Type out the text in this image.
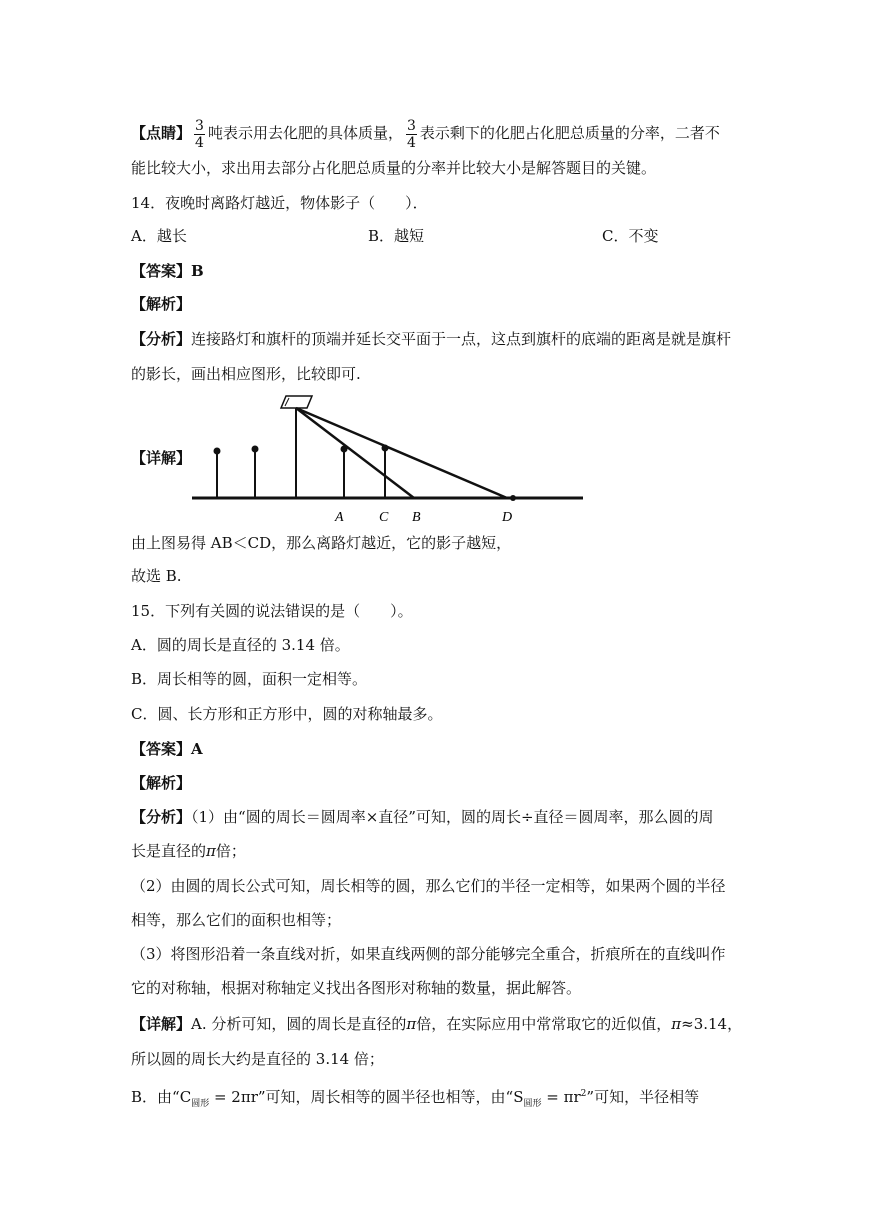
【点睛】 $\frac{3}{4}$ 吨表示用去化肥的具体质量， $\frac{3}{4}$ 表示剩下的化肥占化肥总质量的分率，二者不
能比较大小，求出用去部分占化肥总质量的分率并比较大小是解答题目的关键。
14．夜晚时离路灯越近，物体影子（　　）．
A．越长	B．越短	C．不变
【答案】B
【解析】
【分析】连接路灯和旗杆的顶端并延长交平面于一点，这点到旗杆的底端的距离是就是旗杆
的影长，画出相应图形，比较即可.
【详解】
A	C B	D
由上图易得 AB＜CD，那么离路灯越近，它的影子越短，
故选 B.
15．下列有关圆的说法错误的是（　　）。
A．圆的周长是直径的 3.14 倍。
B．周长相等的圆，面积一定相等。
C．圆、长方形和正方形中，圆的对称轴最多。
【答案】A
【解析】
【分析】（1）由“圆的周长＝圆周率×直径”可知，圆的周长÷直径＝圆周率，那么圆的周
长是直径的π倍；
（2）由圆的周长公式可知，周长相等的圆，那么它们的半径一定相等，如果两个圆的半径
相等，那么它们的面积也相等；
（3）将图形沿着一条直线对折，如果直线两侧的部分能够完全重合，折痕所在的直线叫作
它的对称轴，根据对称轴定义找出各图形对称轴的数量，据此解答。
【详解】A. 分析可知，圆的周长是直径的π倍，在实际应用中常常取它的近似值，π≈3.14，
所以圆的周长大约是直径的 3.14 倍；
B．由“$C_{圆形} = 2\pi r$”可知，周长相等的圆半径也相等，由“$S_{圆形} = \pi r^2$”可知，半径相等
